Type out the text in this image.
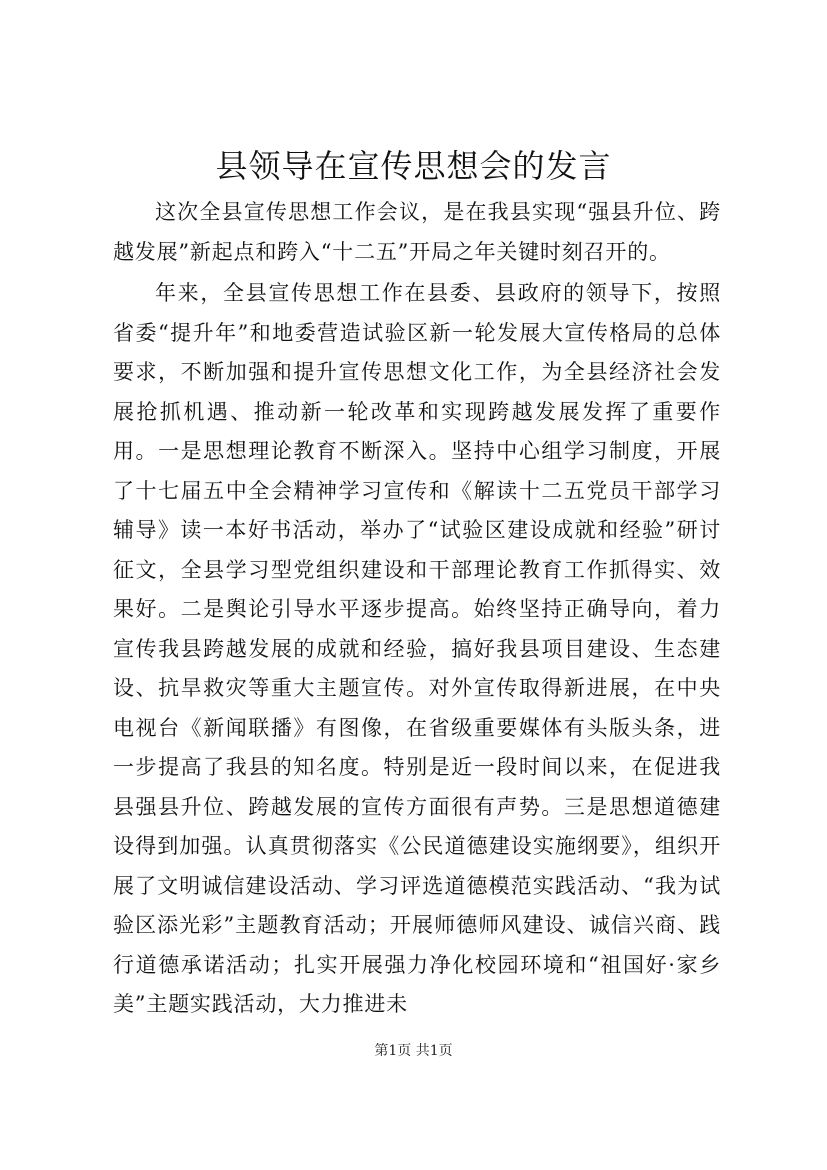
县领导在宣传思想会的发言

这次全县宣传思想工作会议，是在我县实现“强县升位、跨越发展”新起点和跨入“十二五”开局之年关键时刻召开的。

年来，全县宣传思想工作在县委、县政府的领导下，按照省委“提升年”和地委营造试验区新一轮发展大宣传格局的总体要求，不断加强和提升宣传思想文化工作，为全县经济社会发展抢抓机遇、推动新一轮改革和实现跨越发展发挥了重要作用。一是思想理论教育不断深入。坚持中心组学习制度，开展了十七届五中全会精神学习宣传和《解读十二五党员干部学习辅导》读一本好书活动，举办了“试验区建设成就和经验”研讨征文，全县学习型党组织建设和干部理论教育工作抓得实、效果好。二是舆论引导水平逐步提高。始终坚持正确导向，着力宣传我县跨越发展的成就和经验，搞好我县项目建设、生态建设、抗旱救灾等重大主题宣传。对外宣传取得新进展，在中央电视台《新闻联播》有图像，在省级重要媒体有头版头条，进一步提高了我县的知名度。特别是近一段时间以来，在促进我县强县升位、跨越发展的宣传方面很有声势。三是思想道德建设得到加强。认真贯彻落实《公民道德建设实施纲要》，组织开展了文明诚信建设活动、学习评选道德模范实践活动、“我为试验区添光彩”主题教育活动；开展师德师风建设、诚信兴商、践行道德承诺活动；扎实开展强力净化校园环境和“祖国好·家乡美”主题实践活动，大力推进未

第1页 共1页
